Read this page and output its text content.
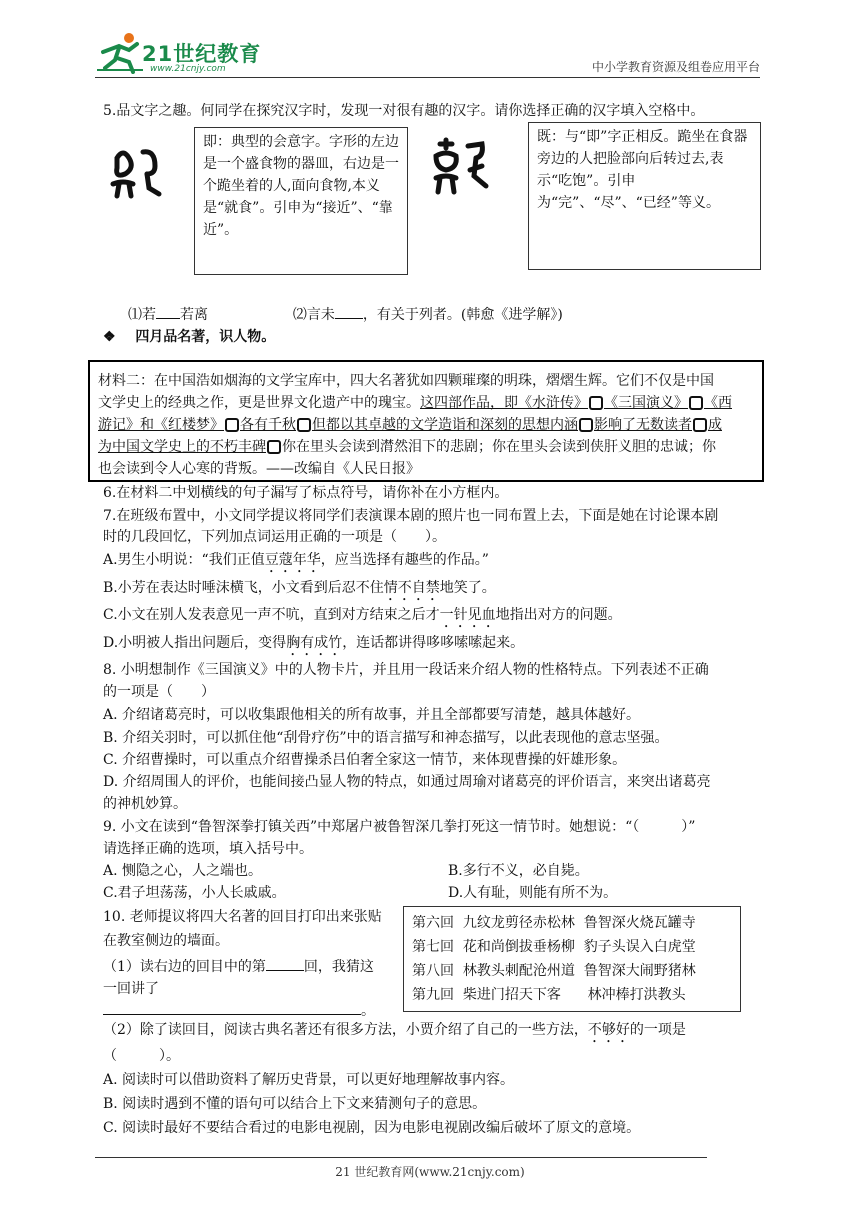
21世纪教育
www.21cnjy.com	中小学教育资源及组卷应用平台
5.品文字之趣。何同学在探究汉字时，发现一对很有趣的汉字。请你选择正确的汉字填入空格中。
即：典型的会意字。字形的左边是一个盛食物的器皿，右边是一个跪坐着的人,面向食物,本义是“就食”。引申为“接近”、“靠近”。
既：与“即”字正相反。跪坐在食器旁边的人把脸部向后转过去,表示“吃饱”。引申为“完”、“尽”、“已经”等义。
⑴若 若离	⑵言未 ，有关于列者。(韩愈《进学解》)
❖ 四月品名著，识人物。
材料二：在中国浩如烟海的文学宝库中，四大名著犹如四颗璀璨的明珠，熠熠生辉。它们不仅是中国
文学史上的经典之作，更是世界文化遗产中的瑰宝。这四部作品，即《水浒传》 《三国演义》 《西
游记》和《红楼梦》 各有千秋 但都以其卓越的文学造诣和深刻的思想内涵 影响了无数读者 成
为中国文学史上的不朽丰碑 你在里头会读到潸然泪下的悲剧；你在里头会读到侠肝义胆的忠诚；你
也会读到令人心寒的背叛。——改编自《人民日报》
6.在材料二中划横线的句子漏写了标点符号，请你补在小方框内。
7.在班级布置中，小文同学提议将同学们表演课本剧的照片也一同布置上去，下面是她在讨论课本剧
时的几段回忆，下列加点词运用正确的一项是（　　）。
A.男生小明说：“我们正值豆蔻年华，应当选择有趣些的作品。”
B.小芳在表达时唾沫横飞，小文看到后忍不住情不自禁地笑了。
C.小文在别人发表意见一声不吭，直到对方结束之后才一针见血地指出对方的问题。
D.小明被人指出问题后，变得胸有成竹，连话都讲得哆哆嗦嗦起来。
8. 小明想制作《三国演义》中的人物卡片，并且用一段话来介绍人物的性格特点。下列表述不正确
的一项是（　　）
A. 介绍诸葛亮时，可以收集跟他相关的所有故事，并且全部都要写清楚，越具体越好。
B. 介绍关羽时，可以抓住他“刮骨疗伤”中的语言描写和神态描写，以此表现他的意志坚强。
C. 介绍曹操时，可以重点介绍曹操杀吕伯奢全家这一情节，来体现曹操的奸雄形象。
D. 介绍周围人的评价，也能间接凸显人物的特点，如通过周瑜对诸葛亮的评价语言，来突出诸葛亮
的神机妙算。
9. 小文在读到“鲁智深拳打镇关西”中郑屠户被鲁智深几拳打死这一情节时。她想说：“（　　　）”
请选择正确的选项，填入括号中。
A. 恻隐之心，人之端也。	B.多行不义，必自毙。
C.君子坦荡荡，小人长戚戚。	D.人有耻，则能有所不为。
10. 老师提议将四大名著的回目打印出来张贴
在教室侧边的墙面。
（1）读右边的回目中的第	回，我猜这
一回讲了
。
第六回  九纹龙剪径赤松林  鲁智深火烧瓦罐寺
第七回  花和尚倒拔垂杨柳  豹子头误入白虎堂
第八回  林教头刺配沧州道  鲁智深大闹野猪林
第九回  柴进门招天下客      林冲棒打洪教头
（2）除了读回目，阅读古典名著还有很多方法，小贾介绍了自己的一些方法，不够好的一项是
（　　　）。
A. 阅读时可以借助资料了解历史背景，可以更好地理解故事内容。
B. 阅读时遇到不懂的语句可以结合上下文来猜测句子的意思。
C. 阅读时最好不要结合看过的电影电视剧，因为电影电视剧改编后破坏了原文的意境。
21 世纪教育网(www.21cnjy.com)
